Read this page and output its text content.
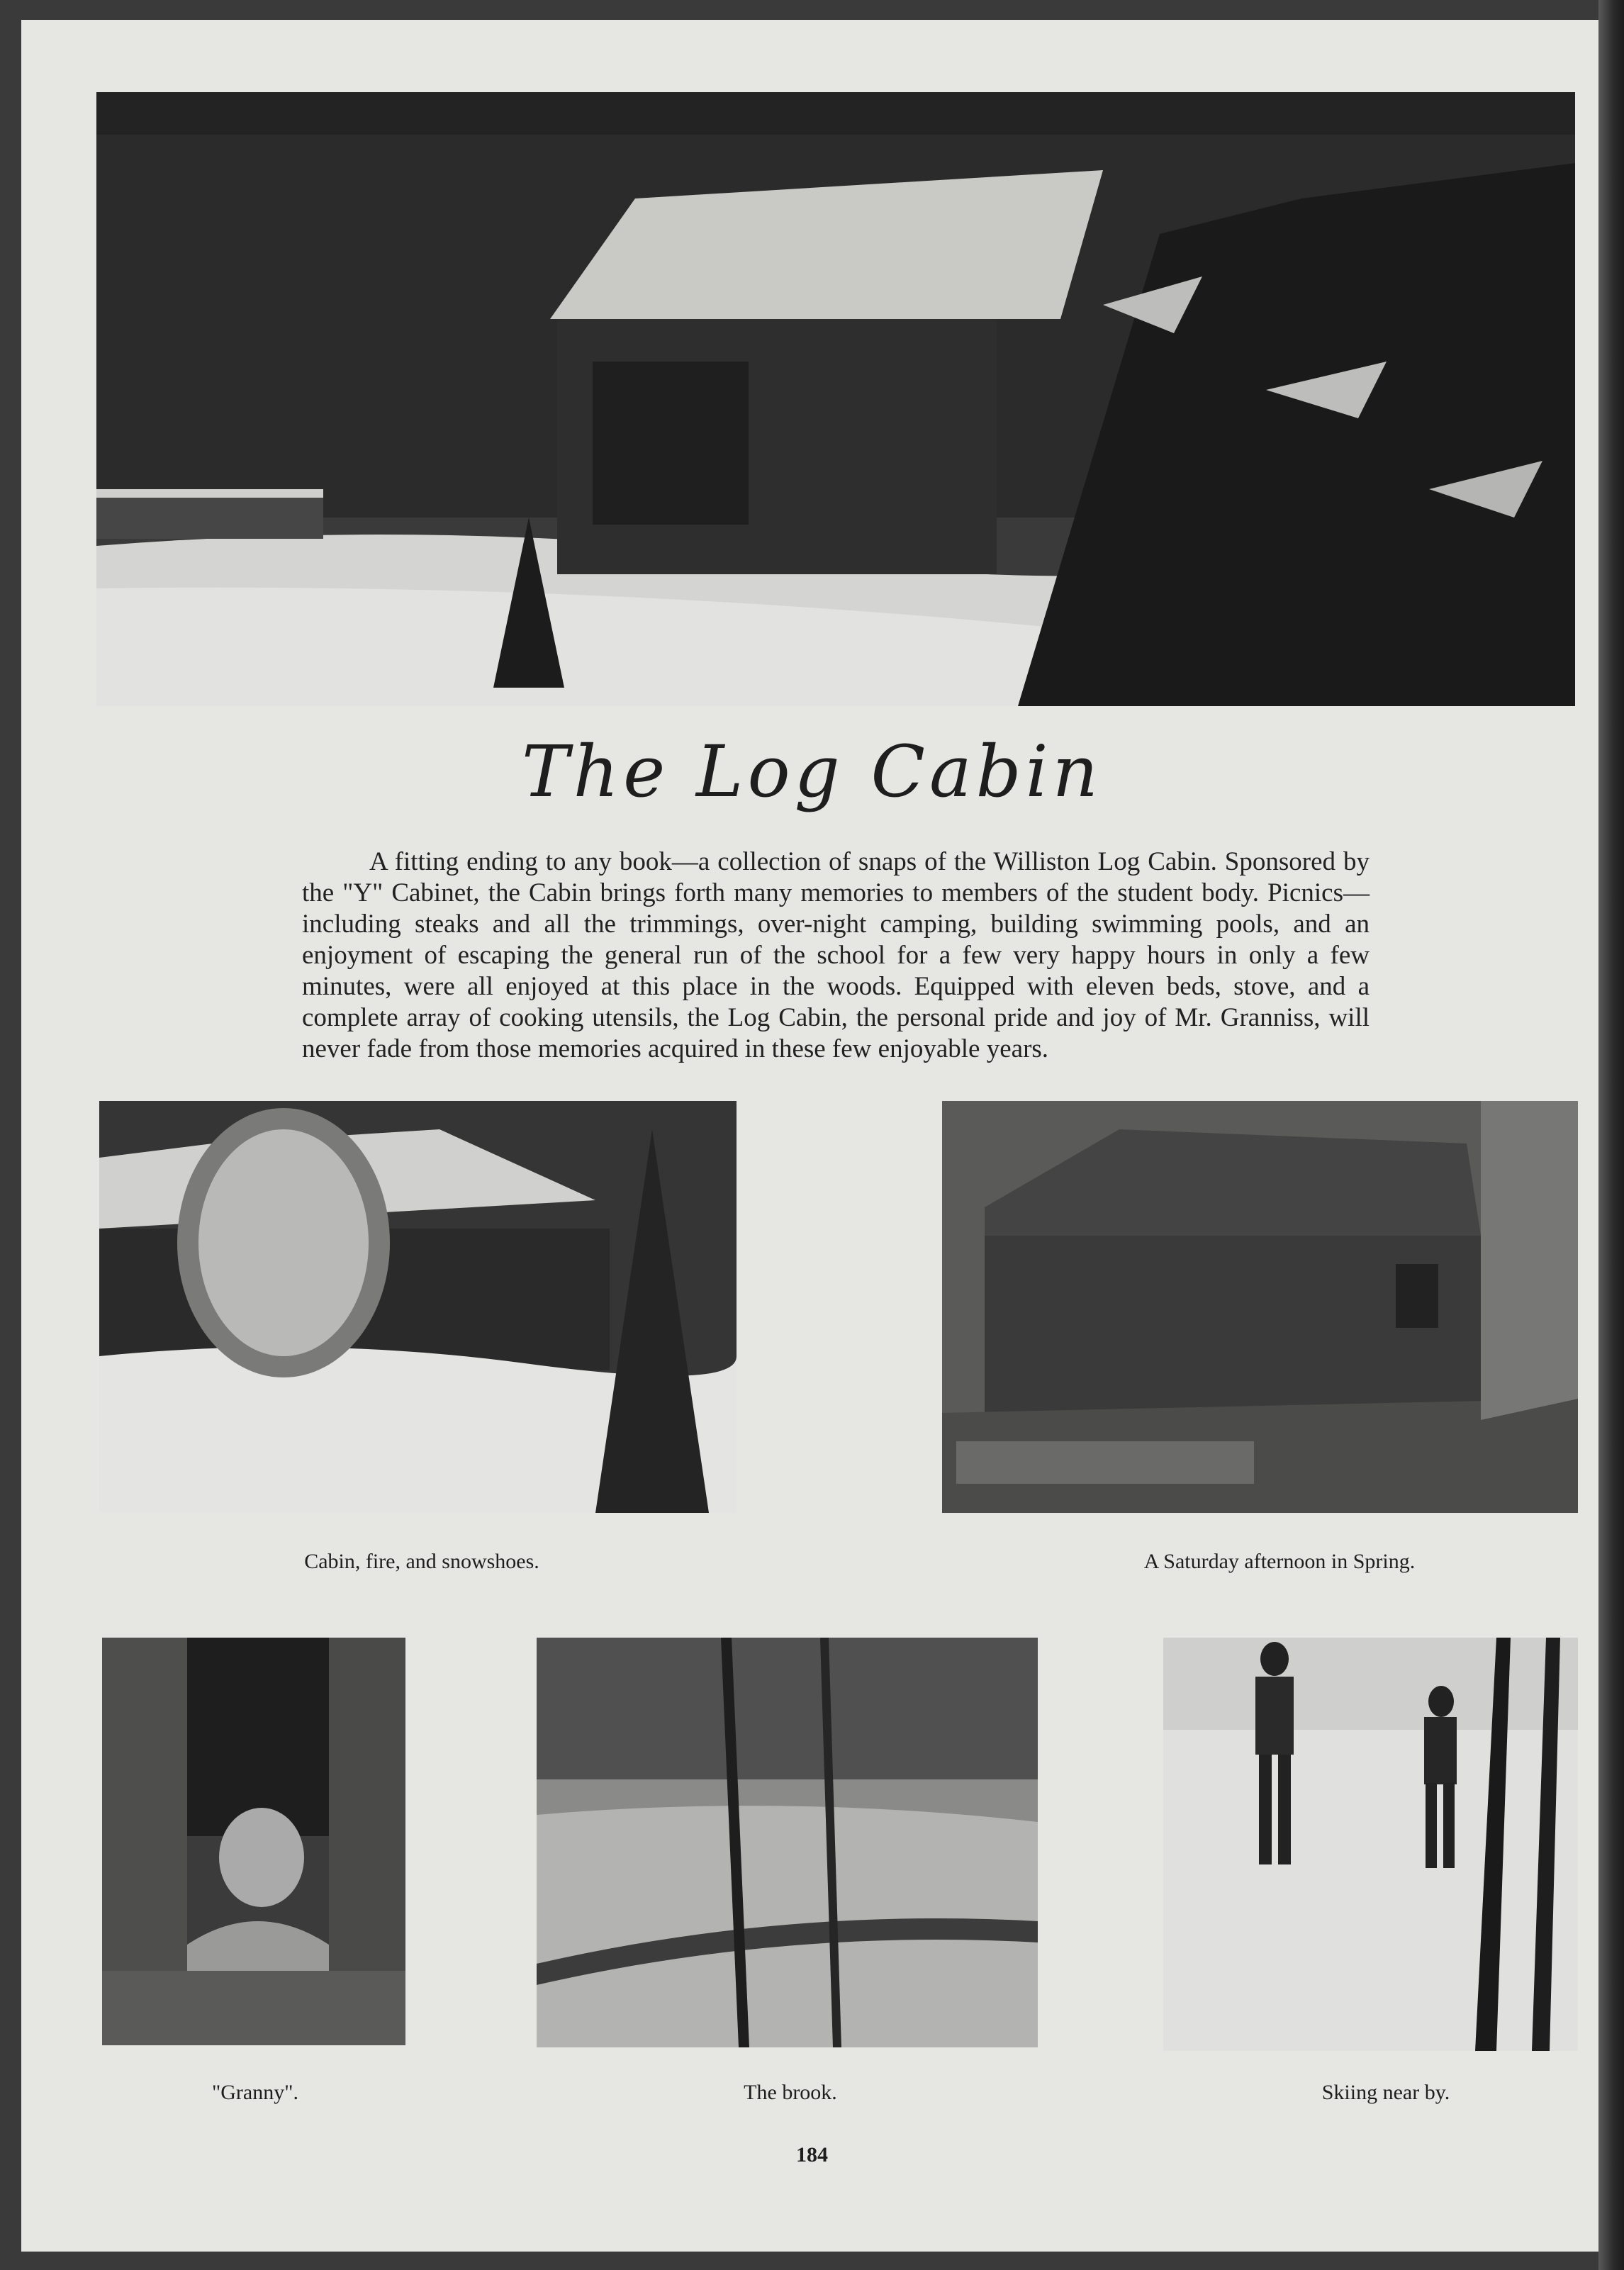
The Log Cabin

A fitting ending to any book—a collection of snaps of the Williston Log Cabin. Sponsored by the "Y" Cabinet, the Cabin brings forth many memories to members of the student body. Picnics—including steaks and all the trimmings, over-night camping, building swimming pools, and an enjoyment of escaping the general run of the school for a few very happy hours in only a few minutes, were all enjoyed at this place in the woods. Equipped with eleven beds, stove, and a complete array of cooking utensils, the Log Cabin, the personal pride and joy of Mr. Granniss, will never fade from those memories acquired in these few enjoyable years.

Cabin, fire, and snowshoes.	A Saturday afternoon in Spring.
"Granny".	The brook.	Skiing near by.
184
